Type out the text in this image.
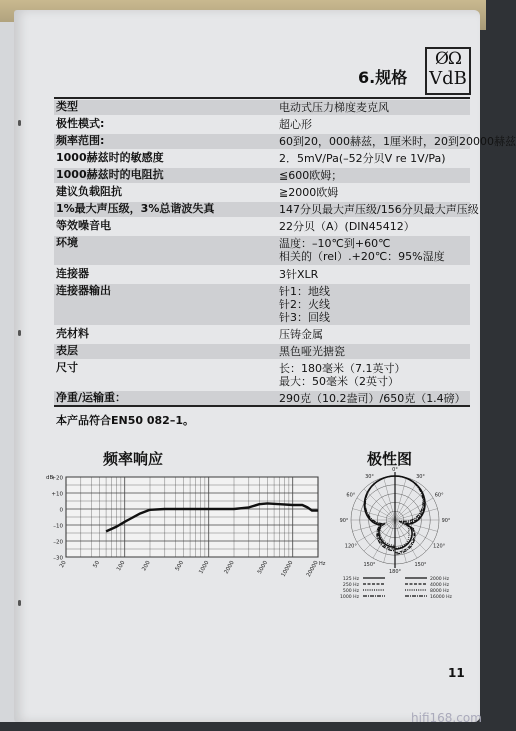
ØΩ
VdB
6.规格
类型	电动式压力梯度麦克风
极性模式:	超心形
频率范围:	60到20，000赫兹，1厘米时，20到20000赫兹
1000赫兹时的敏感度	2．5mV/Pa(–52分贝V re 1V/Pa)
1000赫兹时的电阻抗	≦600欧姆；
建议负载阻抗	≧2000欧姆
1%最大声压级，3%总谐波失真	147分贝最大声压级/156分贝最大声压级
等效噪音电	22分贝（A）(DIN45412）
环境	温度：–10℃到+60℃
相关的（rel）.+20℃：95%湿度
连接器	3针XLR
连接器输出	针1：地线
针2：火线
针3：回线
壳材料	压铸金属
表层	黑色哑光搪瓷
尺寸	长：180毫米（7.1英寸）
最大：50毫米（2英寸）
净重/运输重：	290克（10.2盎司）/650克（1.4磅）
本产品符合EN50 082–1。
频率响应	极性图
+20
+10
0
–10
–20
–30
dB
20	50	100	200	500 1000 2000	5000 10000 20000 Hz
0°
30°
30°
60°
60°
90°
90°
120°
120°
150°
150°
180°
125 Hz
250 Hz
500 Hz
1000 Hz
2000 Hz
4000 Hz
8000 Hz
16000 Hz
11
hifi168.com
